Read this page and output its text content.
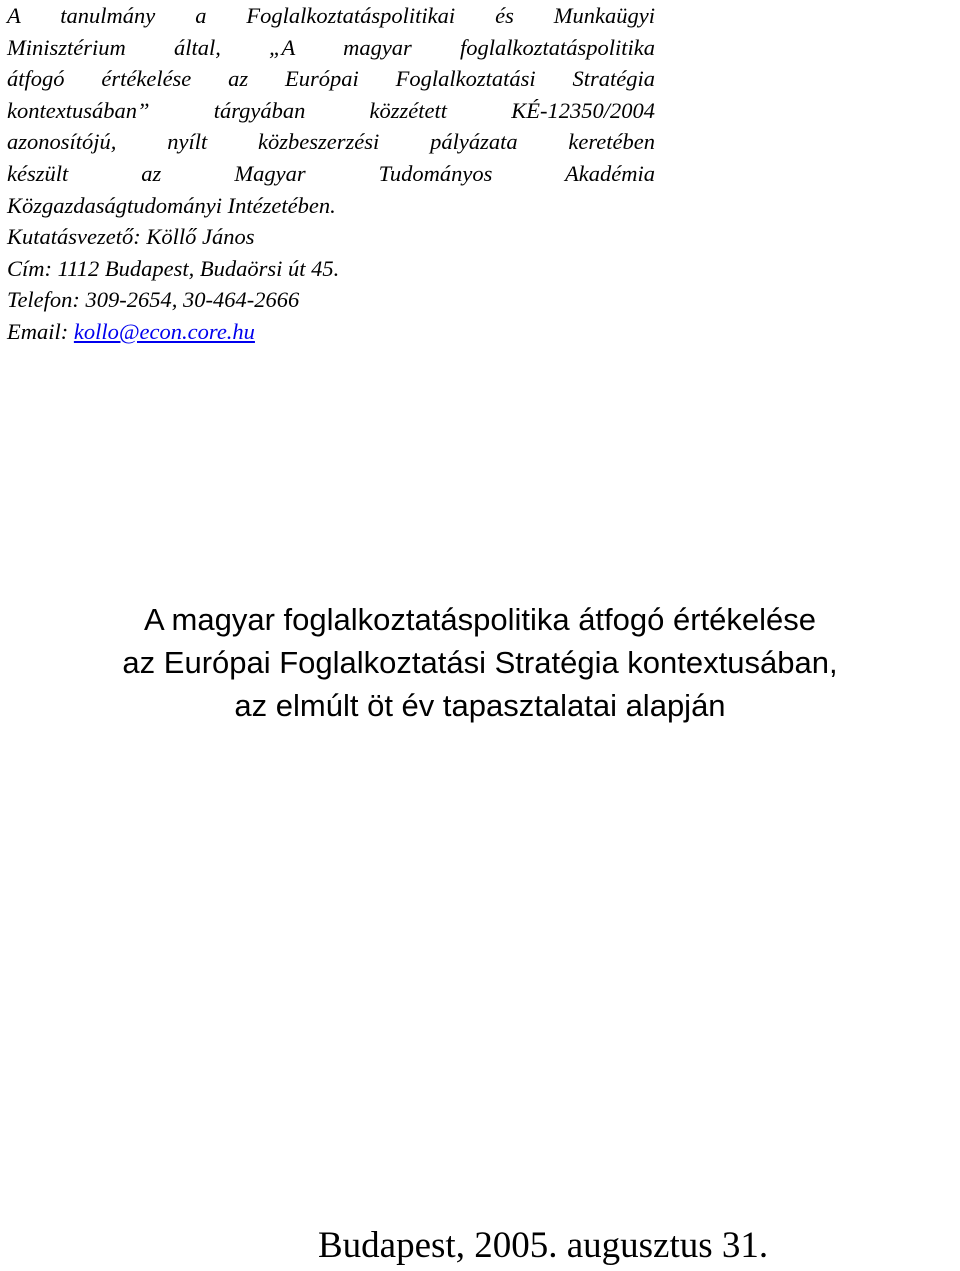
A tanulmány a Foglalkoztatáspolitikai és Munkaügyi
Minisztérium által, „A magyar foglalkoztatáspolitika
átfogó értékelése az Európai Foglalkoztatási Stratégia
kontextusában” tárgyában közzétett KÉ-12350/2004
azonosítójú, nyílt közbeszerzési pályázata keretében
készült az Magyar Tudományos Akadémia
Közgazdaságtudományi Intézetében.
Kutatásvezető: Köllő János
Cím: 1112 Budapest, Budaörsi út 45.
Telefon: 309-2654, 30-464-2666
Email: kollo@econ.core.hu
A magyar foglalkoztatáspolitika átfogó értékelése
az Európai Foglalkoztatási Stratégia kontextusában,
az elmúlt öt év tapasztalatai alapján
Budapest, 2005. augusztus 31.
